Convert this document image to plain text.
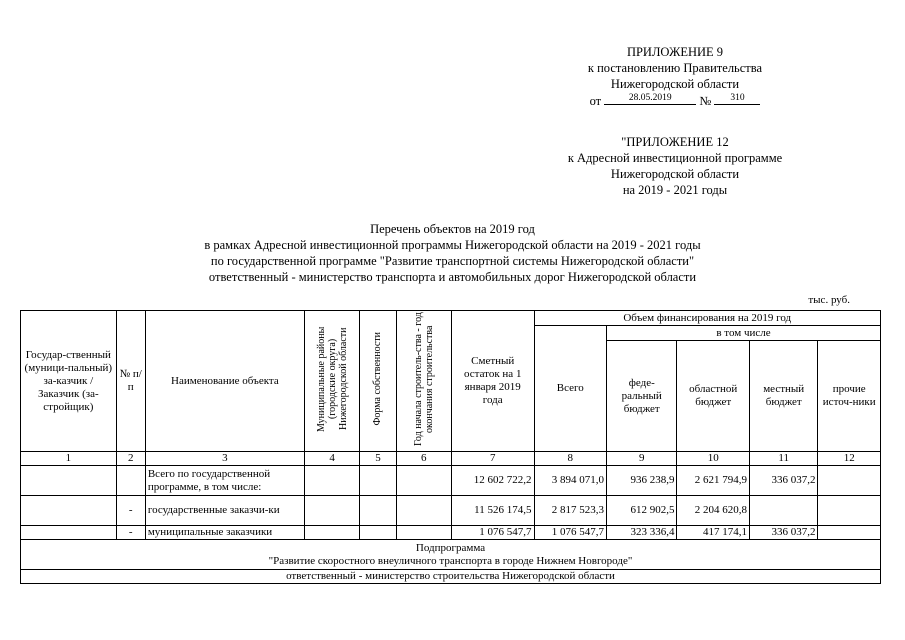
ПРИЛОЖЕНИЕ 9
к постановлению Правительства
Нижегородской области
от	28.05.2019	№	310
"ПРИЛОЖЕНИЕ 12
к Адресной инвестиционной программе
Нижегородской области
на 2019 - 2021 годы
Перечень объектов на 2019 год
в рамках Адресной инвестиционной программы Нижегородской области на 2019 - 2021 годы
по государственной программе "Развитие транспортной системы Нижегородской области"
ответственный - министерство транспорта и автомобильных дорог Нижегородской области
тыс. руб.
Государ-ственный (муници-пальный) за-казчик / Заказчик (за-стройщик)	№ п/п	Наименование объекта	Муниципальные районы (городские округа) Нижегородской области	Форма собственности	Год начала строитель-ства - год окончания строительства	Сметный остаток на 1 января 2019 года	Объем финансирования на 2019 год				
							Всего	в том числе			
								феде-ральный бюджет	областной бюджет	местный бюджет	прочие источ-ники
1	2	3	4	5	6	7	8	9	10	11	12
		Всего по государственной программе, в том числе:				12 602 722,2	3 894 071,0	936 238,9	2 621 794,9	336 037,2	
	-	государственные заказчи-ки				11 526 174,5	2 817 523,3	612 902,5	2 204 620,8		
	-	муниципальные заказчики				1 076 547,7	1 076 547,7	323 336,4	417 174,1	336 037,2	

Подпрограмма
"Развитие скоростного внеуличного транспорта в городе Нижнем Новгороде"											

ответственный - министерство строительства Нижегородской области											
